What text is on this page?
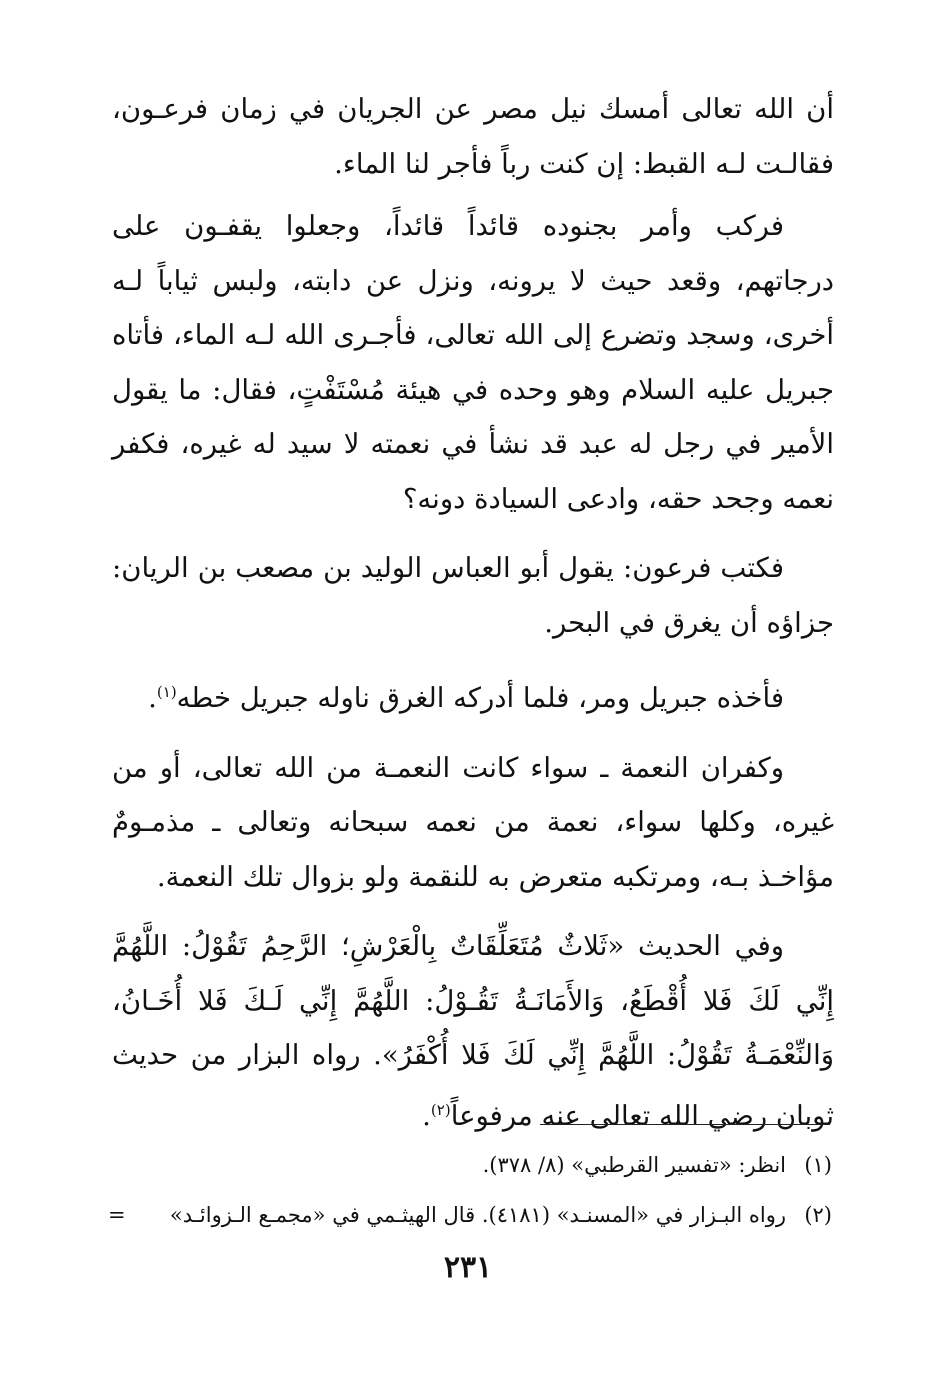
أن الله تعالى أمسك نيل مصر عن الجريان في زمان فرعـون، فقالـت لـه القبط: إن كنت رباً فأجر لنا الماء.

فركب وأمر بجنوده قائداً قائداً، وجعلوا يقفـون على درجاتهم، وقعد حيث لا يرونه، ونزل عن دابته، ولبس ثياباً لـه أخرى، وسجد وتضرع إلى الله تعالى، فأجـرى الله لـه الماء، فأتاه جبريل عليه السلام وهو وحده في هيئة مُسْتَفْتٍ، فقال: ما يقول الأمير في رجل له عبد قد نشأ في نعمته لا سيد له غيره، فكفر نعمه وجحد حقه، وادعى السيادة دونه؟

فكتب فرعون: يقول أبو العباس الوليد بن مصعب بن الريان: جزاؤه أن يغرق في البحر.

فأخذه جبريل ومر، فلما أدركه الغرق ناوله جبريل خطه$^{(١)}$.

وكفران النعمة ـ سواء كانت النعمـة من الله تعالى، أو من غيره، وكلها سواء، نعمة من نعمه سبحانه وتعالى ـ مذمـومٌ مؤاخـذ بـه، ومرتكبه متعرض به للنقمة ولو بزوال تلك النعمة.

وفي الحديث «ثَلاثٌ مُتَعَلِّقَاتٌ بِالْعَرْشِ؛ الرَّحِمُ تَقُوْلُ: اللَّهُمَّ إِنِّي لَكَ فَلا أُقْطَعُ، وَالأَمَانَـةُ تَقُـوْلُ: اللَّهُمَّ إِنِّي لَـكَ فَلا أُخَـانُ، وَالنِّعْمَـةُ تَقُوْلُ: اللَّهُمَّ إِنِّي لَكَ فَلا أُكْفَرُ». رواه البزار من حديث ثوبان رضي الله تعالى عنه مرفوعاً$^{(٢)}$.

(١)
انظر: «تفسير القرطبي» (٨/ ٣٧٨).
(٢)
رواه البـزار في «المسنـد» (٤١٨١). قال الهيثـمي في «مجمـع الـزوائـد»
=
٢٣١
